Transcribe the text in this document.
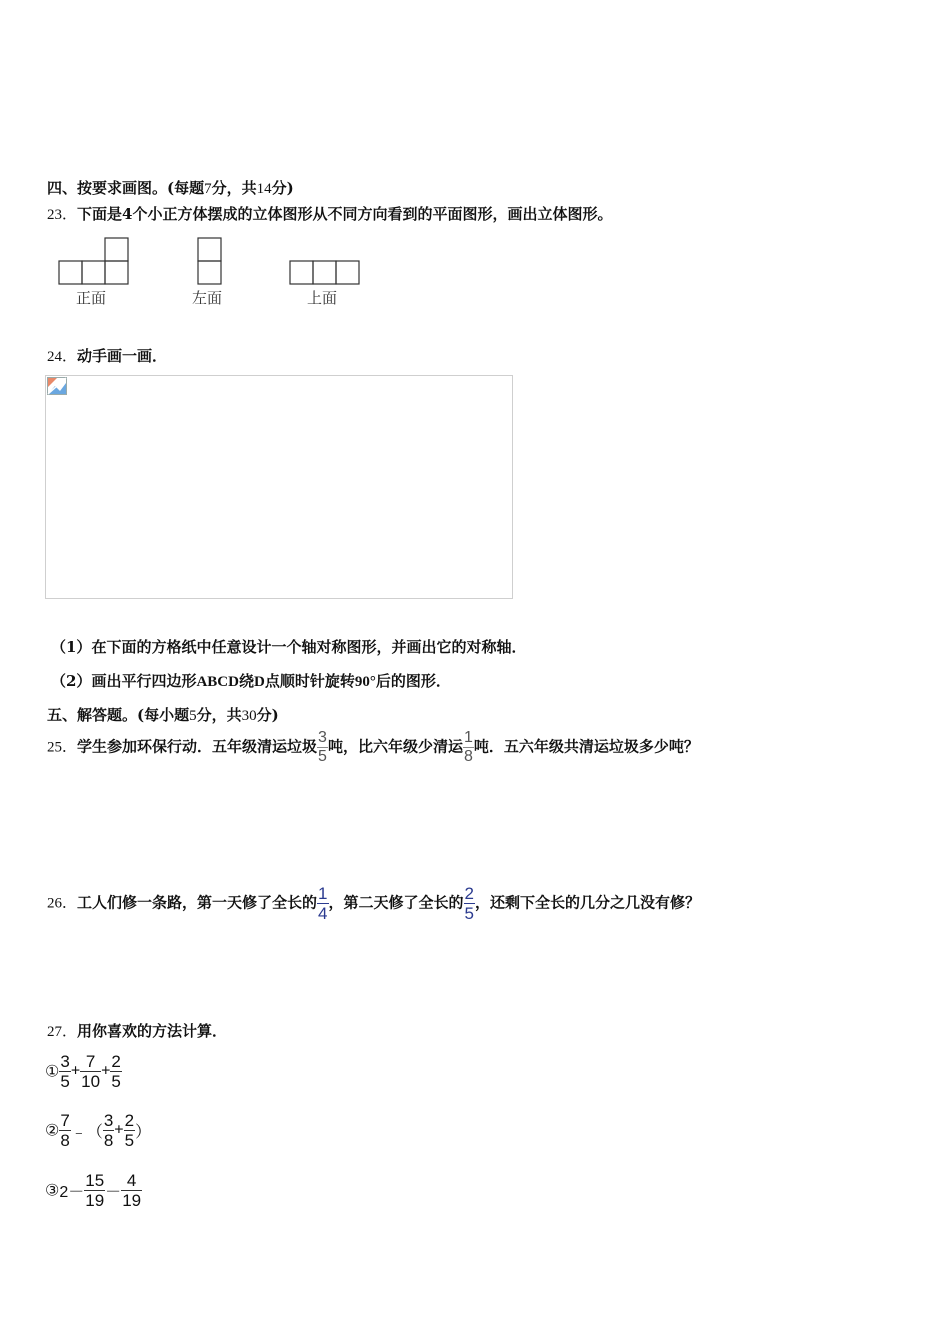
四、按要求画图。(每题7分，共14分)
23．下面是4个小正方体摆成的立体图形从不同方向看到的平面图形，画出立体图形。
正面	左面	上面
24．动手画一画．
（1）在下面的方格纸中任意设计一个轴对称图形，并画出它的对称轴．
（2）画出平行四边形ABCD绕D点顺时针旋转90°后的图形．
五、解答题。(每小题5分，共30分)
25．学生参加环保行动．五年级清运垃圾 $\frac{3}{5}$ 吨，比六年级少清运 $\frac{1}{8}$ 吨．五六年级共清运垃圾多少吨？
26．工人们修一条路，第一天修了全长的 $\frac{1}{4}$ ，第二天修了全长的 $\frac{2}{5}$ ，还剩下全长的几分之几没有修？
27．用你喜欢的方法计算．
① $\frac{3}{5} + \frac{7}{10} + \frac{2}{5}$
② $\frac{7}{8}$ ﹣（ $\frac{3}{8} + \frac{2}{5}$ ）
③2－ $\frac{15}{19} - \frac{4}{19}$
